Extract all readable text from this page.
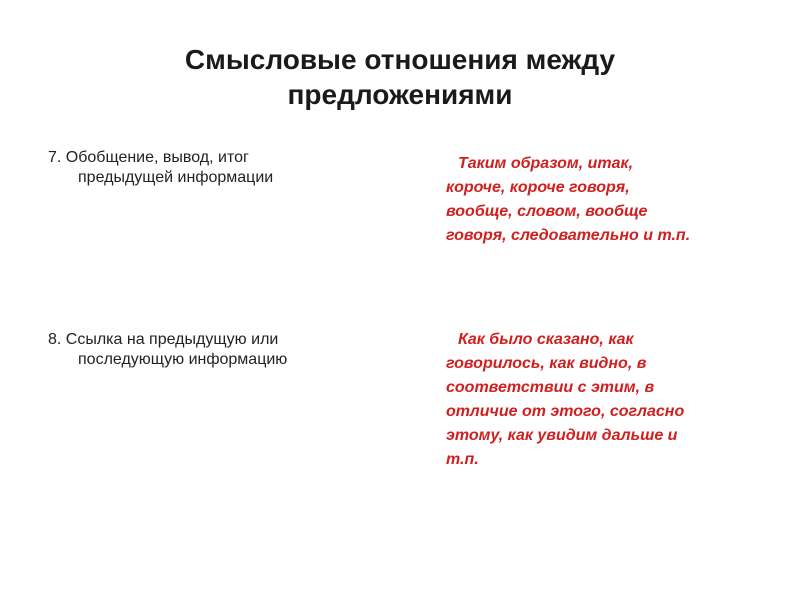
Смысловые отношения между
предложениями
7. Обобщение, вывод, итог
предыдущей информации
Таким образом, итак,
короче, короче говоря,
вообще, словом, вообще
говоря, следовательно и т.п.
8. Ссылка на предыдущую или
последующую информацию
Как было сказано, как
говорилось, как видно, в
соответствии с этим, в
отличие от этого, согласно
этому, как увидим дальше и
т.п.
